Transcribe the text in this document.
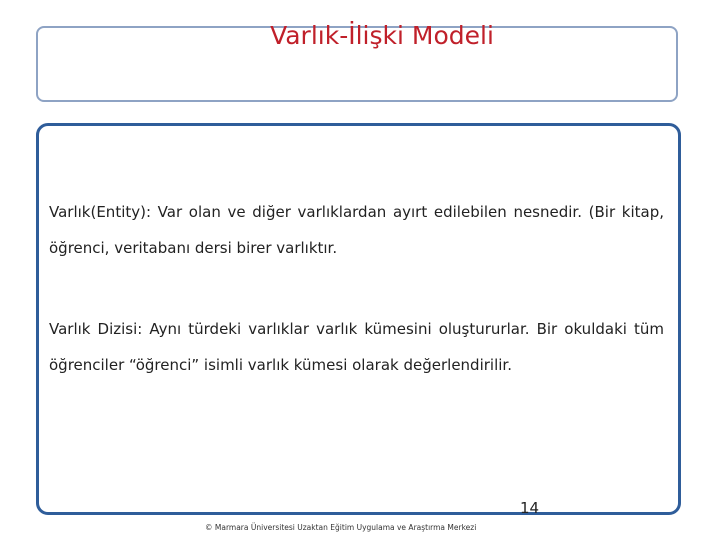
Varlık-İlişki Modeli

Varlık(Entity): Var olan ve diğer varlıklardan ayırt edilebilen nesnedir. (Bir kitap, öğrenci, veritabanı dersi birer varlıktır.

Varlık Dizisi: Aynı türdeki varlıklar varlık kümesini oluştururlar. Bir okuldaki tüm öğrenciler “öğrenci” isimli varlık kümesi olarak değerlendirilir.

14
© Marmara Üniversitesi Uzaktan Eğitim Uygulama ve Araştırma Merkezi
